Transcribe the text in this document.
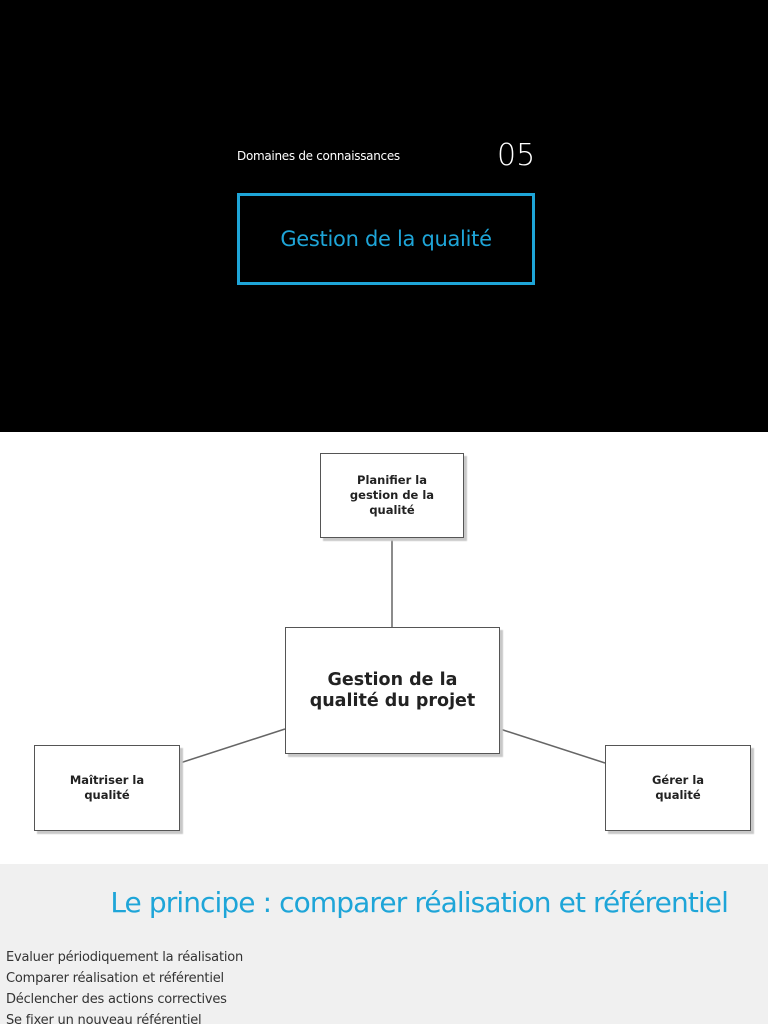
Domaines de connaissances	05
Gestion de la qualité
Planifier la gestion de la qualité
Gestion de la qualité du projet
Maîtriser la qualité
Gérer la qualité
Le principe : comparer réalisation et référentiel
Evaluer périodiquement la réalisation
Comparer réalisation et référentiel
Déclencher des actions correctives
Se fixer un nouveau référentiel
